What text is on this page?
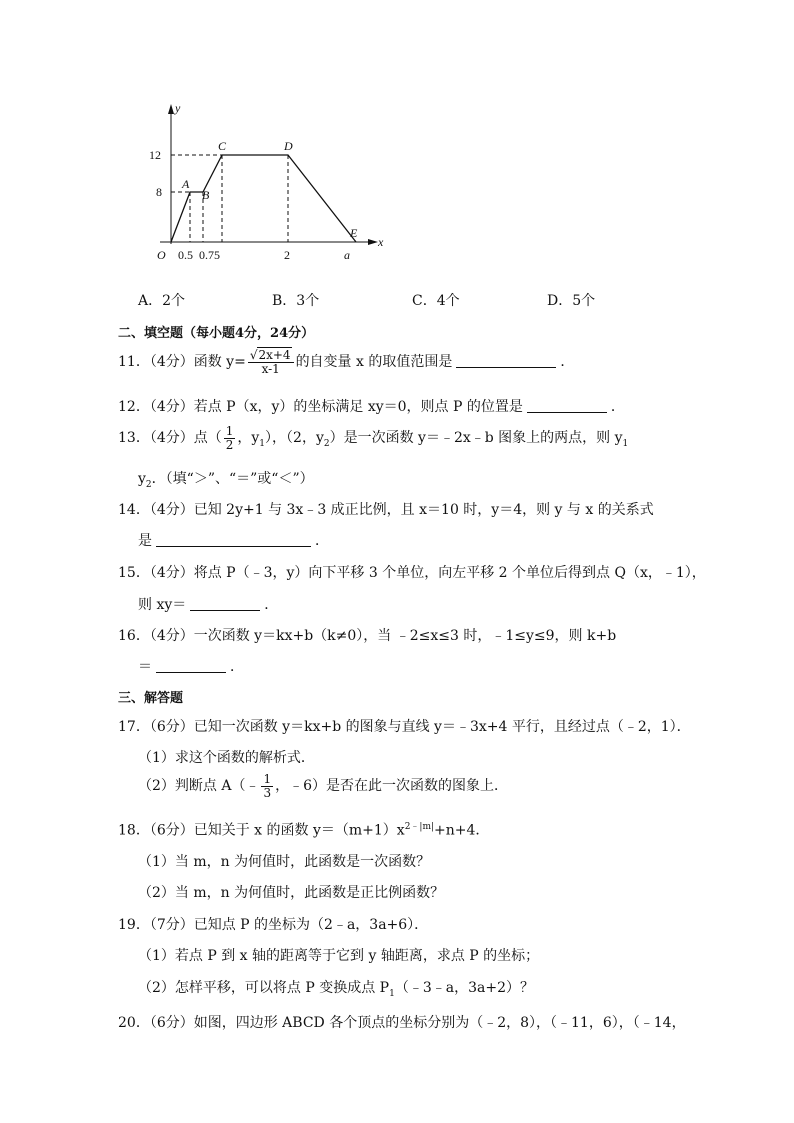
y
x
O
12
8
0.5 0.75	2	a
A
B
C	D
E
A．2个	B．3个	C．4个	D．5个
二、填空题（每小题4分，24分）
11．（4分）函数 $y= \frac{√2x+4}{x-1}$ 的自变量 x 的取值范围是	．
12．（4分）若点 P（x，y）的坐标满足 xy＝0，则点 P 的位置是	．
13．（4分）点（ $\frac{1}{2}$ ，$y_1$），（2，$y_2$）是一次函数 y＝﹣2x﹣b 图象上的两点，则 $y_1$
$y_2$．（填“＞”、“＝”或“＜”）
14．（4分）已知 2y+1 与 3x﹣3 成正比例，且 x＝10 时，y＝4，则 y 与 x 的关系式
是	．
15．（4分）将点 P（﹣3，y）向下平移 3 个单位，向左平移 2 个单位后得到点 Q（x，﹣1），
则 xy＝	．
16．（4分）一次函数 y＝kx+b（k≠0），当 ﹣2≤x≤3 时，﹣1≤y≤9，则 k+b
＝	．
三、解答题
17．（6分）已知一次函数 y＝kx+b 的图象与直线 y＝﹣3x+4 平行，且经过点（﹣2，1）．
（1）求这个函数的解析式．
（2）判断点 A（﹣ $\frac{1}{3}$ ，﹣6）是否在此一次函数的图象上．
18．（6分）已知关于 x 的函数 $y=(m+1)x^{2﹣|m|}+n+4$．
（1）当 m，n 为何值时，此函数是一次函数？
（2）当 m，n 为何值时，此函数是正比例函数？
19．（7分）已知点 P 的坐标为（2﹣a，3a+6）．
（1）若点 P 到 x 轴的距离等于它到 y 轴距离，求点 P 的坐标；
（2）怎样平移，可以将点 P 变换成点 $P_1(﹣3﹣a$，3a+2）？
20．（6分）如图，四边形 ABCD 各个顶点的坐标分别为（﹣2，8），（﹣11，6），（﹣14，
